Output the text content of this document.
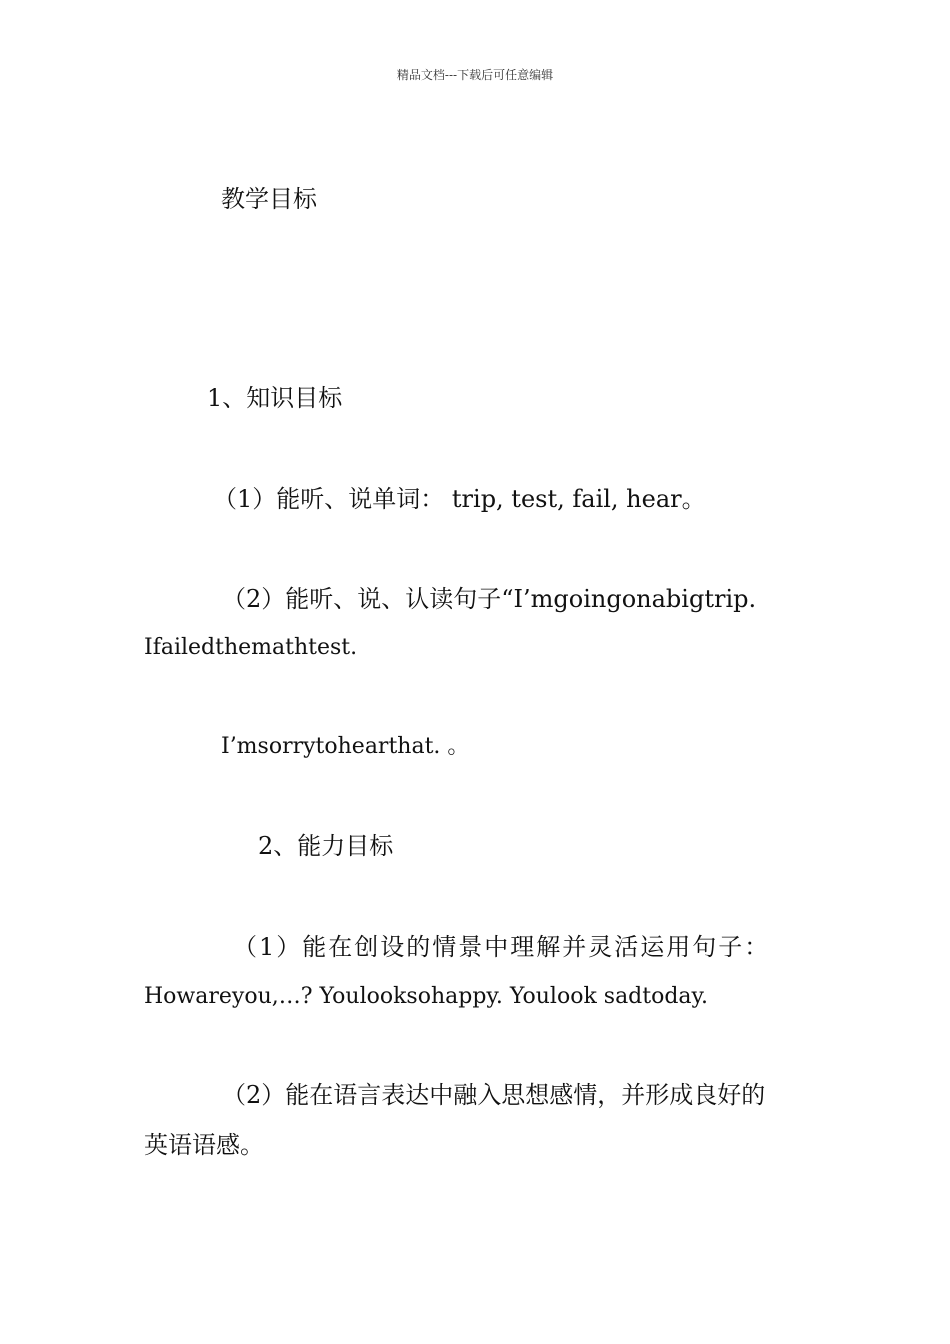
精品文档---下载后可任意编辑
教学目标
1、知识目标
（1）能听、说单词： trip, test, fail, hear。
（2）能听、说、认读句子“I’mgoingonabigtrip.
Ifailedthemathtest.
I’msorrytohearthat. 。
2、能力目标
（1）能在创设的情景中理解并灵活运用句子：
Howareyou,…? Youlooksohappy. Youlook sadtoday.
（2）能在语言表达中融入思想感情，并形成良好的
英语语感。
